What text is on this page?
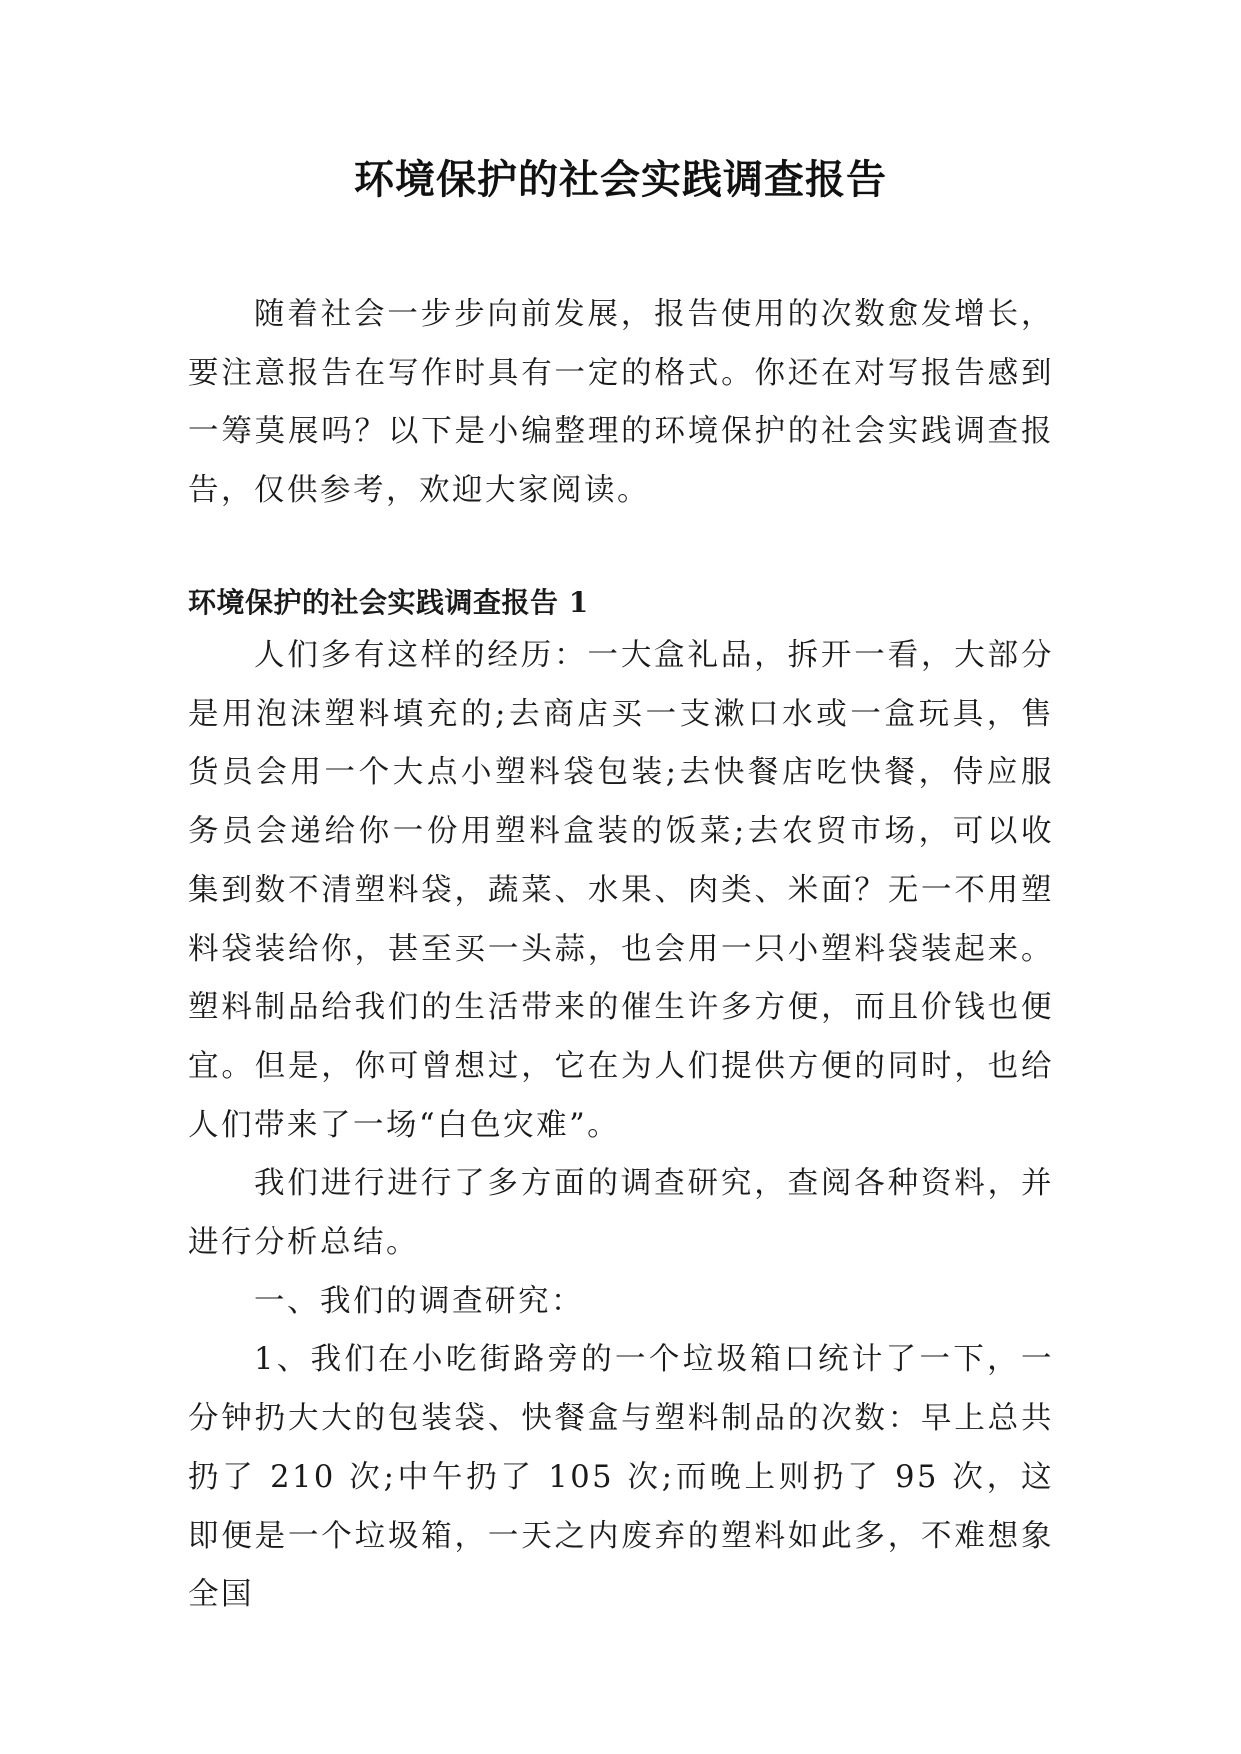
环境保护的社会实践调查报告

随着社会一步步向前发展，报告使用的次数愈发增长，要注意报告在写作时具有一定的格式。你还在对写报告感到一筹莫展吗？以下是小编整理的环境保护的社会实践调查报告，仅供参考，欢迎大家阅读。

环境保护的社会实践调查报告 1

人们多有这样的经历：一大盒礼品，拆开一看，大部分是用泡沫塑料填充的;去商店买一支漱口水或一盒玩具，售货员会用一个大点小塑料袋包装;去快餐店吃快餐，侍应服务员会递给你一份用塑料盒装的饭菜;去农贸市场，可以收集到数不清塑料袋，蔬菜、水果、肉类、米面？无一不用塑料袋装给你，甚至买一头蒜，也会用一只小塑料袋装起来。塑料制品给我们的生活带来的催生许多方便，而且价钱也便宜。但是，你可曾想过，它在为人们提供方便的同时，也给人们带来了一场“白色灾难”。

我们进行进行了多方面的调查研究，查阅各种资料，并进行分析总结。

一、我们的调查研究：

1、我们在小吃街路旁的一个垃圾箱口统计了一下，一分钟扔大大的包装袋、快餐盒与塑料制品的次数：早上总共扔了 210 次;中午扔了 105 次;而晚上则扔了 95 次，这即便是一个垃圾箱，一天之内废弃的塑料如此多，不难想象全国
